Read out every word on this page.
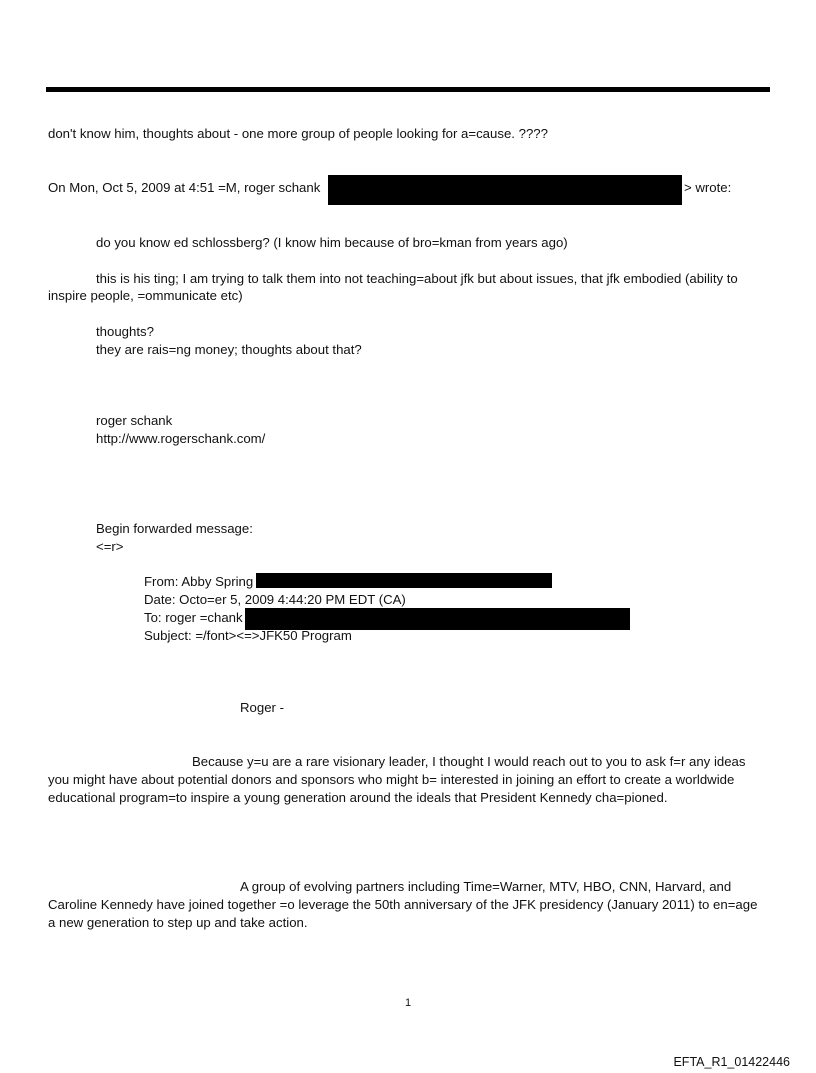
don't know him, thoughts about - one more group of people looking for a=cause. ????
On Mon, Oct 5, 2009 at 4:51 =M, roger schank	> wrote:
do you know ed schlossberg? (I know him because of bro=kman from years ago)
this is his ting; I am trying to talk them into not teaching=about jfk but about issues, that jfk embodied (ability to
inspire people, =ommunicate etc)
thoughts?
they are rais=ng money; thoughts about that?
roger schank
http://www.rogerschank.com/
Begin forwarded message:
<=r>
From: Abby Spring
Date: Octo=er 5, 2009 4:44:20 PM EDT (CA)
To: roger =chank
Subject: =/font><=>JFK50 Program
Roger -
Because y=u are a rare visionary leader, I thought I would reach out to you to ask f=r any ideas
you might have about potential donors and sponsors who might b= interested in joining an effort to create a worldwide
educational program=to inspire a young generation around the ideals that President Kennedy cha=pioned.
A group of evolving partners including Time=Warner, MTV, HBO, CNN, Harvard, and
Caroline Kennedy have joined together =o leverage the 50th anniversary of the JFK presidency (January 2011) to en=age
a new generation to step up and take action.
1
EFTA_R1_01422446
